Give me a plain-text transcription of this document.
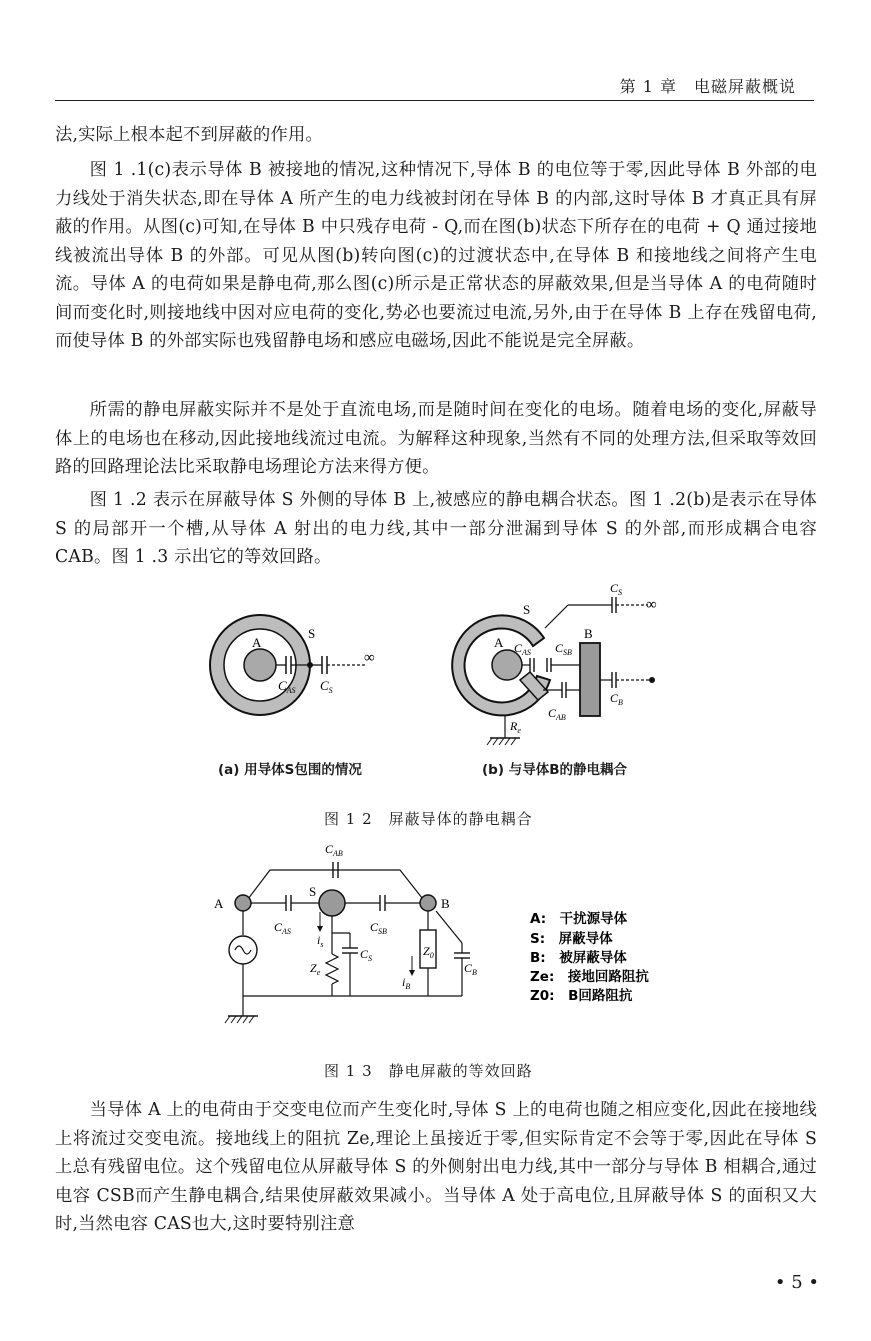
第 1 章　电磁屏蔽概说

法,实际上根本起不到屏蔽的作用。

图 1 .1(c)表示导体 B 被接地的情况,这种情况下,导体 B 的电位等于零,因此导体 B 外部的电力线处于消失状态,即在导体 A 所产生的电力线被封闭在导体 B 的内部,这时导体 B 才真正具有屏蔽的作用。从图(c)可知,在导体 B 中只残存电荷 - Q,而在图(b)状态下所存在的电荷 + Q 通过接地线被流出导体 B 的外部。可见从图(b)转向图(c)的过渡状态中,在导体 B 和接地线之间将产生电流。导体 A 的电荷如果是静电荷,那么图(c)所示是正常状态的屏蔽效果,但是当导体 A 的电荷随时间而变化时,则接地线中因对应电荷的变化,势必也要流过电流,另外,由于在导体 B 上存在残留电荷,而使导体 B 的外部实际也残留静电场和感应电磁场,因此不能说是完全屏蔽。

所需的静电屏蔽实际并不是处于直流电场,而是随时间在变化的电场。随着电场的变化,屏蔽导体上的电场也在移动,因此接地线流过电流。为解释这种现象,当然有不同的处理方法,但采取等效回路的回路理论法比采取静电场理论方法来得方便。

图 1 .2 表示在屏蔽导体 S 外侧的导体 B 上,被感应的静电耦合状态。图 1 .2(b)是表示在导体 S 的局部开一个槽,从导体 A 射出的电力线,其中一部分泄漏到导体 S 的外部,而形成耦合电容 CAB。图 1 .3 示出它的等效回路。

A
S
$C_{AS}$ $C_S$
∞
A
S
B
$C_{AS}$ $C_{SB}$
$C_{AB}$
$C_B$
$C_S$
$R_e$
∞
(a) 用导体S包围的情况	(b) 与导体B的静电耦合
图 1 2　屏蔽导体的静电耦合
A
S
B
$C_{AB}$
$C_{AS}$	$C_{SB}$
$C_S$
$C_B$
$Z_0$
$Z_e$
$i_s$
$i_B$
A:　干扰源导体
S:　屏蔽导体
B:　被屏蔽导体
Ze:　接地回路阻抗
Z0:　B回路阻抗
图 1 3　静电屏蔽的等效回路

当导体 A 上的电荷由于交变电位而产生变化时,导体 S 上的电荷也随之相应变化,因此在接地线上将流过交变电流。接地线上的阻抗 Ze,理论上虽接近于零,但实际肯定不会等于零,因此在导体 S 上总有残留电位。这个残留电位从屏蔽导体 S 的外侧射出电力线,其中一部分与导体 B 相耦合,通过电容 CSB而产生静电耦合,结果使屏蔽效果减小。当导体 A 处于高电位,且屏蔽导体 S 的面积又大时,当然电容 CAS也大,这时要特别注意

• 5 •
